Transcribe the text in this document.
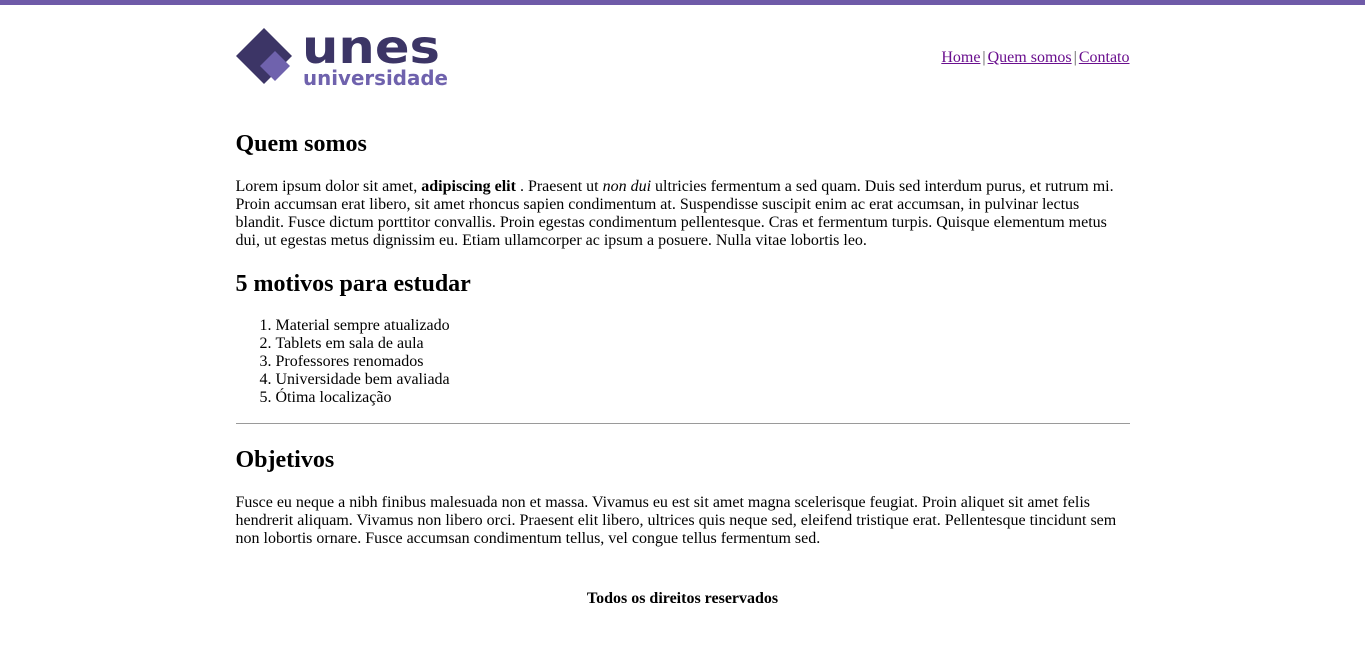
unes
universidade
Home | Quem somos | Contato
Quem somos

Lorem ipsum dolor sit amet, adipiscing elit . Praesent ut non dui ultricies fermentum a sed quam. Duis sed interdum purus, et rutrum mi. Proin accumsan erat libero, sit amet rhoncus sapien condimentum at. Suspendisse suscipit enim ac erat accumsan, in pulvinar lectus blandit. Fusce dictum porttitor convallis. Proin egestas condimentum pellentesque. Cras et fermentum turpis. Quisque elementum metus dui, ut egestas metus dignissim eu. Etiam ullamcorper ac ipsum a posuere. Nulla vitae lobortis leo.

5 motivos para estudar
1. Material sempre atualizado
2. Tablets em sala de aula
3. Professores renomados
4. Universidade bem avaliada
5. Ótima localização
Objetivos

Fusce eu neque a nibh finibus malesuada non et massa. Vivamus eu est sit amet magna scelerisque feugiat. Proin aliquet sit amet felis hendrerit aliquam. Vivamus non libero orci. Praesent elit libero, ultrices quis neque sed, eleifend tristique erat. Pellentesque tincidunt sem non lobortis ornare. Fusce accumsan condimentum tellus, vel congue tellus fermentum sed.

Todos os direitos reservados
